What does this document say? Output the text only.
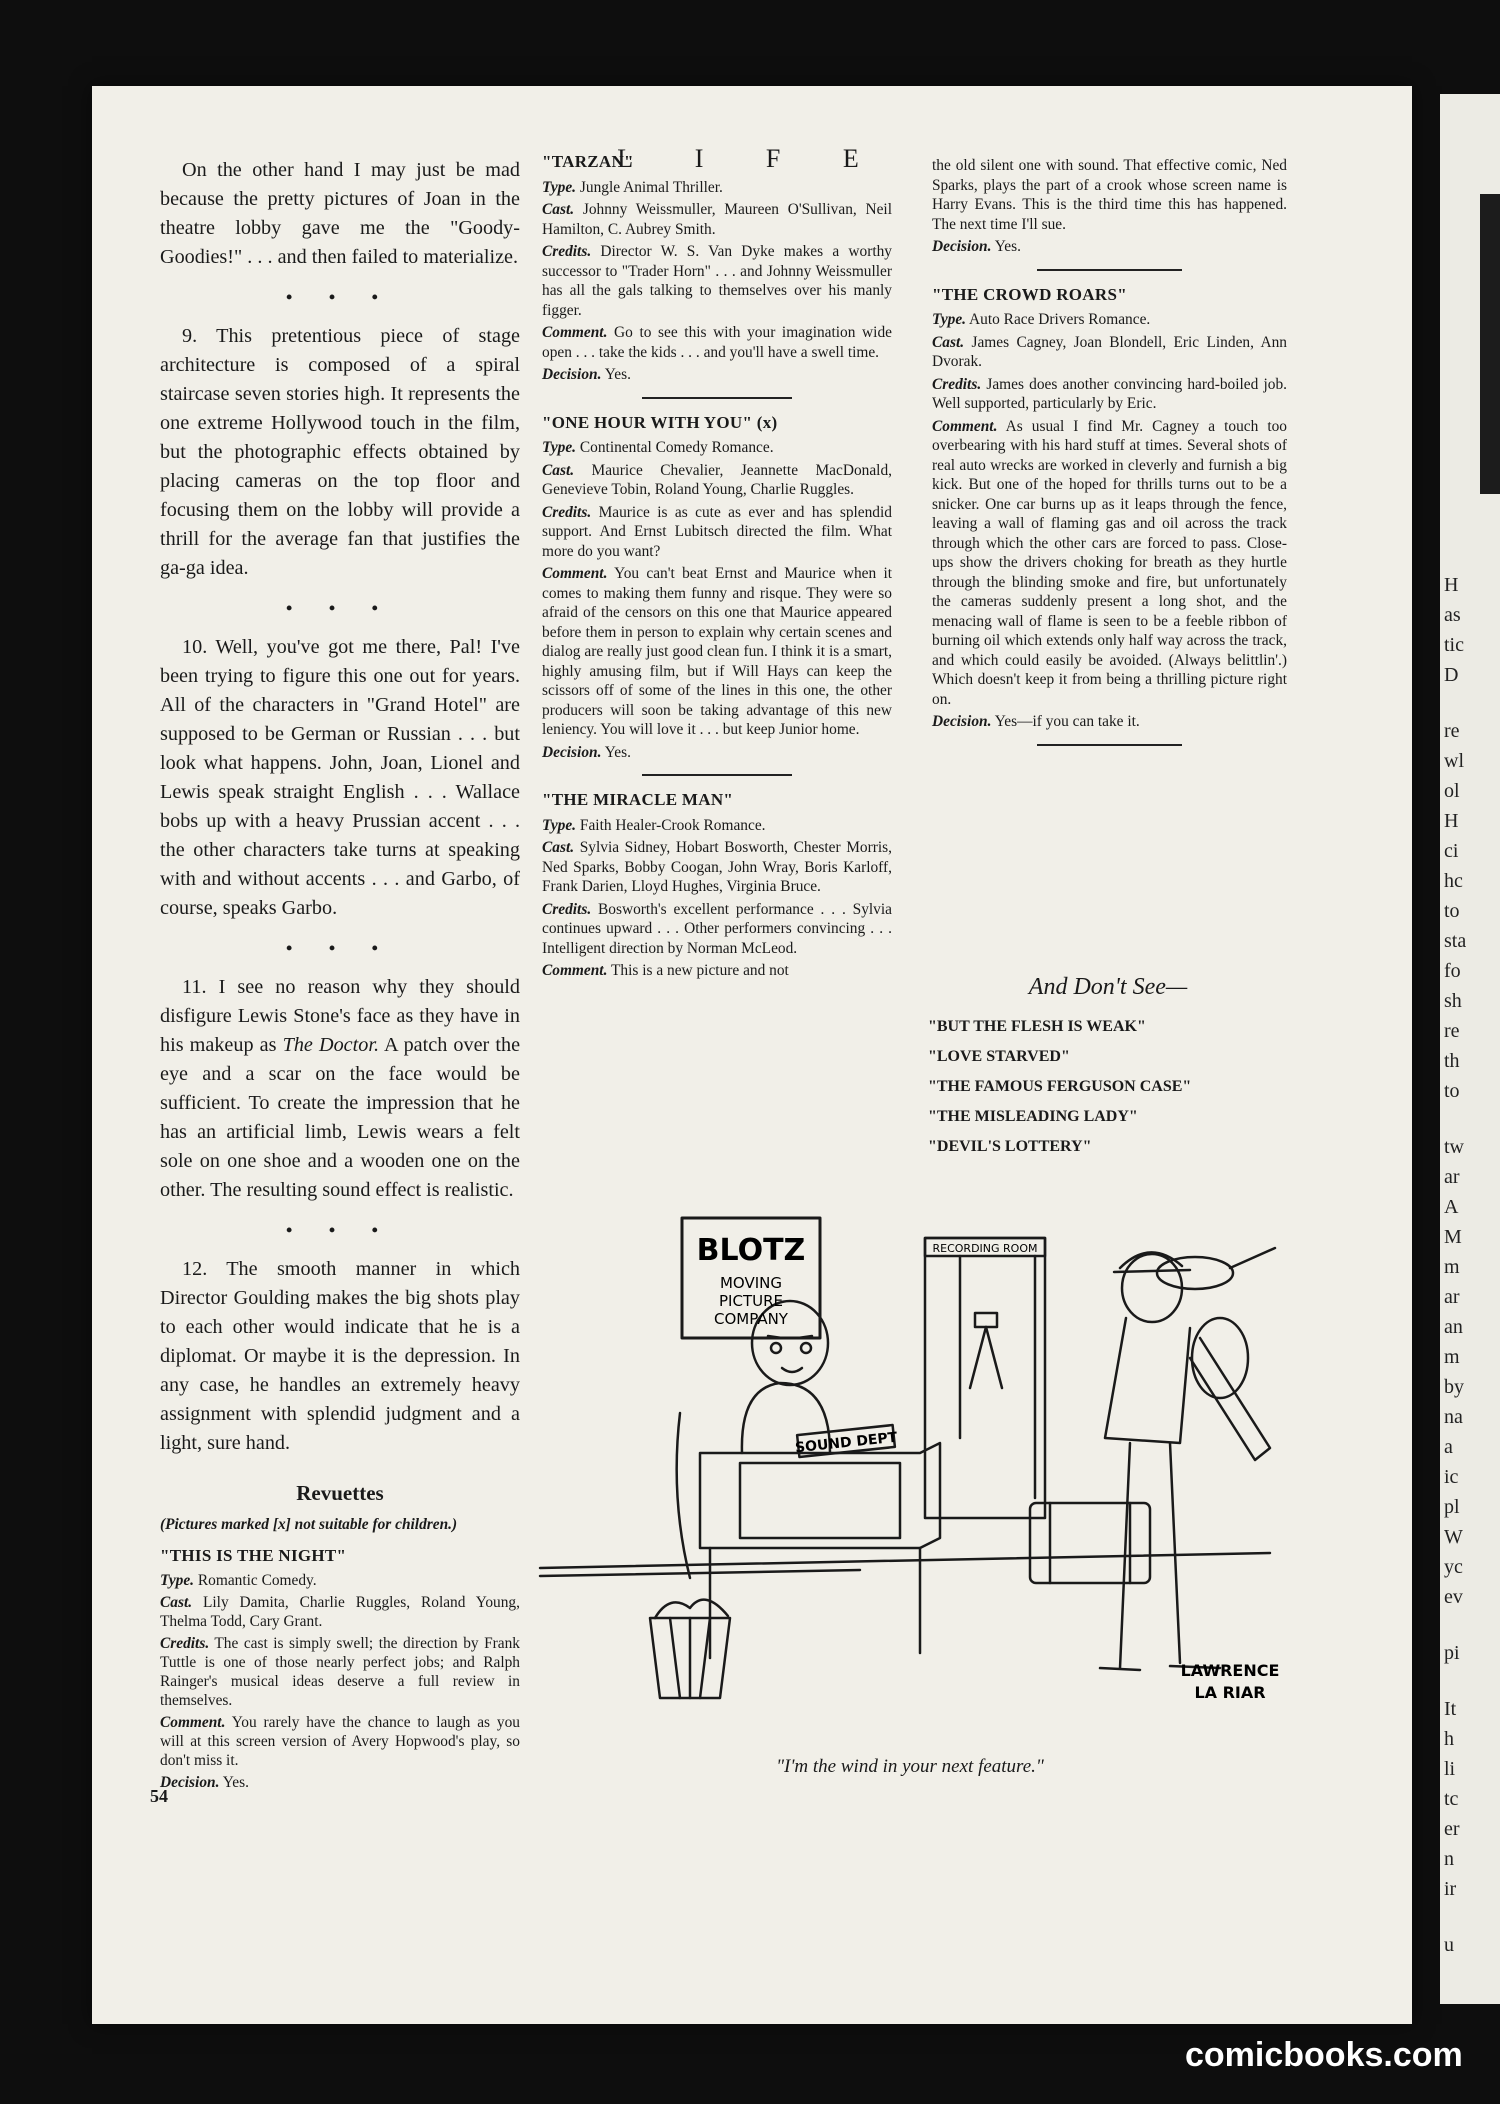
L I F E
H
as
tic
D
re
wl
ol
H
ci
hc
to
sta
fo
sh
re
th
to
tw
ar
A
M
m
ar
an
m
by
na
a
ic
pl
W
yc
ev
pi
It
h
li
tc
er
n
ir
u

On the other hand I may just be mad because the pretty pictures of Joan in the theatre lobby gave me the "Goody-Goodies!" . . . and then failed to materialize.

• • •

9. This pretentious piece of stage architecture is composed of a spiral staircase seven stories high. It represents the one extreme Hollywood touch in the film, but the photographic effects obtained by placing cameras on the top floor and focusing them on the lobby will provide a thrill for the average fan that justifies the ga-ga idea.

• • •

10. Well, you've got me there, Pal! I've been trying to figure this one out for years. All of the characters in "Grand Hotel" are supposed to be German or Russian . . . but look what happens. John, Joan, Lionel and Lewis speak straight English . . . Wallace bobs up with a heavy Prussian accent . . . the other characters take turns at speaking with and without accents . . . and Garbo, of course, speaks Garbo.

• • •

11. I see no reason why they should disfigure Lewis Stone's face as they have in his makeup as The Doctor. A patch over the eye and a scar on the face would be sufficient. To create the impression that he has an artificial limb, Lewis wears a felt sole on one shoe and a wooden one on the other. The resulting sound effect is realistic.

• • •

12. The smooth manner in which Director Goulding makes the big shots play to each other would indicate that he is a diplomat. Or maybe it is the depression. In any case, he handles an extremely heavy assignment with splendid judgment and a light, sure hand.

Revuettes
(Pictures marked [x] not suitable for children.)
"THIS IS THE NIGHT"
Type. Romantic Comedy.
Cast. Lily Damita, Charlie Ruggles, Roland Young, Thelma Todd, Cary Grant.
Credits. The cast is simply swell; the direction by Frank Tuttle is one of those nearly perfect jobs; and Ralph Rainger's musical ideas deserve a full review in themselves.
Comment. You rarely have the chance to laugh as you will at this screen version of Avery Hopwood's play, so don't miss it.
Decision. Yes.
54
"TARZAN"
Type. Jungle Animal Thriller.
Cast. Johnny Weissmuller, Maureen O'Sullivan, Neil Hamilton, C. Aubrey Smith.
Credits. Director W. S. Van Dyke makes a worthy successor to "Trader Horn" . . . and Johnny Weissmuller has all the gals talking to themselves over his manly figger.
Comment. Go to see this with your imagination wide open . . . take the kids . . . and you'll have a swell time.
Decision. Yes.
"ONE HOUR WITH YOU" (x)
Type. Continental Comedy Romance.
Cast. Maurice Chevalier, Jeannette MacDonald, Genevieve Tobin, Roland Young, Charlie Ruggles.
Credits. Maurice is as cute as ever and has splendid support. And Ernst Lubitsch directed the film. What more do you want?
Comment. You can't beat Ernst and Maurice when it comes to making them funny and risque. They were so afraid of the censors on this one that Maurice appeared before them in person to explain why certain scenes and dialog are really just good clean fun. I think it is a smart, highly amusing film, but if Will Hays can keep the scissors off of some of the lines in this one, the other producers will soon be taking advantage of this new leniency. You will love it . . . but keep Junior home.
Decision. Yes.
"THE MIRACLE MAN"
Type. Faith Healer-Crook Romance.
Cast. Sylvia Sidney, Hobart Bosworth, Chester Morris, Ned Sparks, Bobby Coogan, John Wray, Boris Karloff, Frank Darien, Lloyd Hughes, Virginia Bruce.
Credits. Bosworth's excellent performance . . . Sylvia continues upward . . . Other performers convincing . . . Intelligent direction by Norman McLeod.
Comment. This is a new picture and not
the old silent one with sound. That effective comic, Ned Sparks, plays the part of a crook whose screen name is Harry Evans. This is the third time this has happened. The next time I'll sue.
Decision. Yes.
"THE CROWD ROARS"
Type. Auto Race Drivers Romance.
Cast. James Cagney, Joan Blondell, Eric Linden, Ann Dvorak.
Credits. James does another convincing hard-boiled job. Well supported, particularly by Eric.
Comment. As usual I find Mr. Cagney a touch too overbearing with his hard stuff at times. Several shots of real auto wrecks are worked in cleverly and furnish a big kick. But one of the hoped for thrills turns out to be a snicker. One car burns up as it leaps through the fence, leaving a wall of flaming gas and oil across the track through which the other cars are forced to pass. Close-ups show the drivers choking for breath as they hurtle through the blinding smoke and fire, but unfortunately the cameras suddenly present a long shot, and the menacing wall of flame is seen to be a feeble ribbon of burning oil which extends only half way across the track, and which could easily be avoided. (Always belittlin'.) Which doesn't keep it from being a thrilling picture right on.
Decision. Yes—if you can take it.
And Don't See—
"BUT THE FLESH IS WEAK"
"LOVE STARVED"
"THE FAMOUS FERGUSON CASE"
"THE MISLEADING LADY"
"DEVIL'S LOTTERY"
BLOTZ
MOVING
PICTURE
COMPANY
RECORDING ROOM
SOUND DEPT
LAWRENCE
LA RIAR
"I'm the wind in your next feature."
comicbooks.com
